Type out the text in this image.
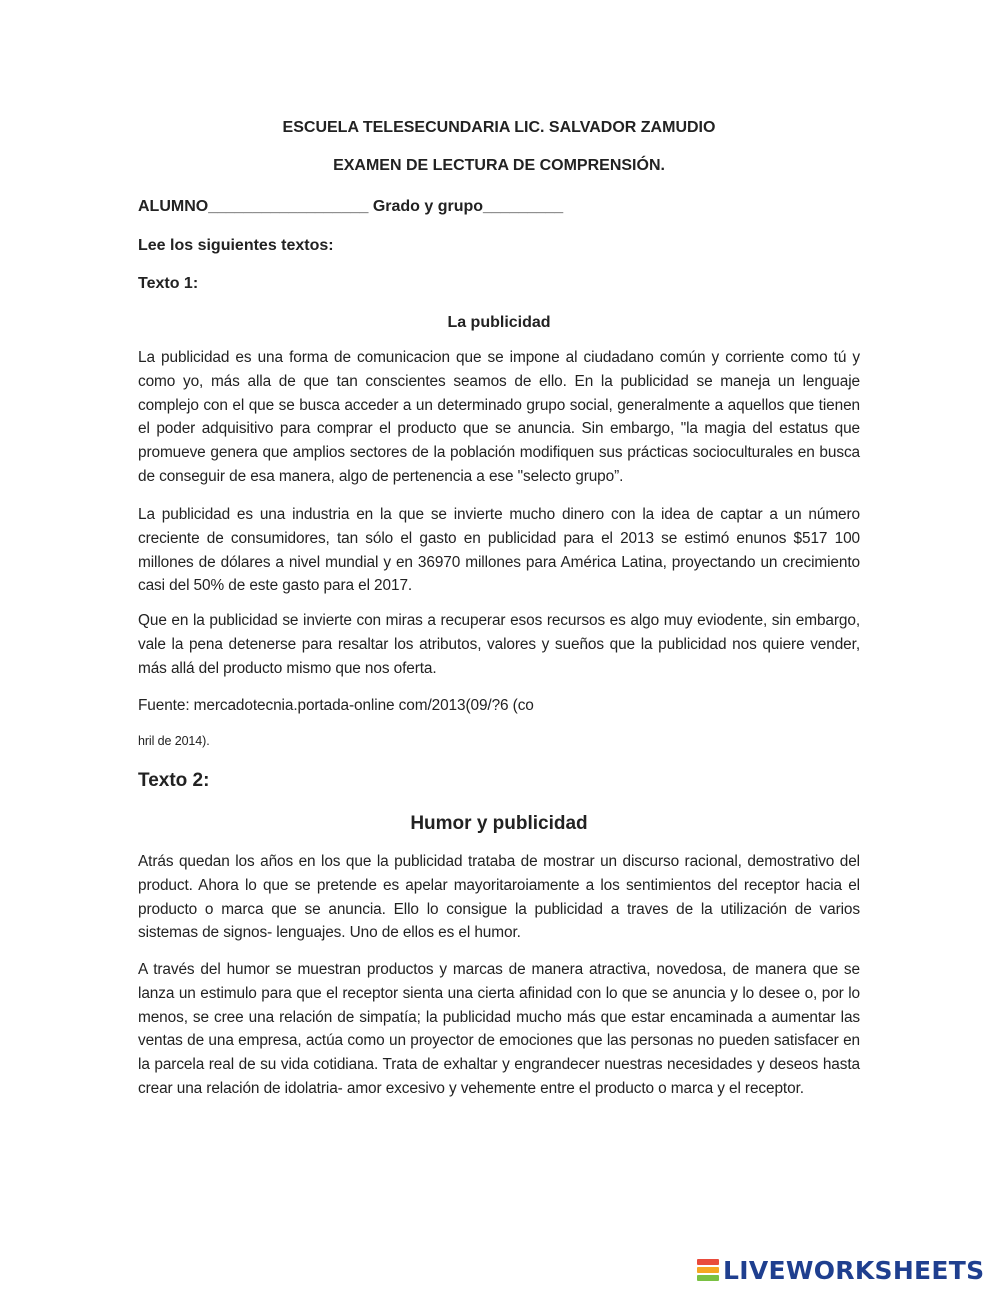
ESCUELA TELESECUNDARIA LIC. SALVADOR ZAMUDIO
EXAMEN DE LECTURA DE COMPRENSIÓN.
ALUMNO__________________ Grado y grupo_________
Lee los siguientes textos:
Texto 1:
La publicidad
La publicidad es una forma de comunicacion que se impone al ciudadano común y corriente como tú y como yo, más alla de que tan conscientes seamos de ello. En la publicidad se maneja un lenguaje complejo con el que se busca acceder a un determinado grupo social, generalmente a aquellos que tienen el poder adquisitivo para comprar el producto que se anuncia. Sin embargo, "la magia del estatus que promueve genera que amplios sectores de la población modifiquen sus prácticas socioculturales en busca de conseguir de esa manera, algo de pertenencia a ese "selecto grupo”.
La publicidad es una industria en la que se invierte mucho dinero con la idea de captar a un número creciente de consumidores, tan sólo el gasto en publicidad para el 2013 se estimó enunos $517 100 millones de dólares a nivel mundial y en 36970 millones para América Latina, proyectando un crecimiento casi del 50% de este gasto para el 2017.
Que en la publicidad se invierte con miras a recuperar esos recursos es algo muy eviodente, sin embargo, vale la pena detenerse para resaltar los atributos, valores y sueños que la publicidad nos quiere vender, más allá del producto mismo que nos oferta.
Fuente: mercadotecnia.portada-online com/2013(09/?6 (co
hril de 2014).
Texto 2:
Humor y publicidad
Atrás quedan los años en los que la publicidad trataba de mostrar un discurso racional, demostrativo del product. Ahora lo que se pretende es apelar mayoritaroiamente a los sentimientos del receptor hacia el producto o marca que se anuncia. Ello lo consigue la publicidad a traves de la utilización de varios sistemas de signos- lenguajes. Uno de ellos es el humor.
A través del humor se muestran productos y marcas de manera atractiva, novedosa, de manera que se lanza un estimulo para que el receptor sienta una cierta afinidad con lo que se anuncia y lo desee o, por lo menos, se cree una relación de simpatía; la publicidad mucho más que estar encaminada a aumentar las ventas de una empresa, actúa como un proyector de emociones que las personas no pueden satisfacer en la parcela real de su vida cotidiana. Trata de exhaltar y engrandecer nuestras necesidades y deseos hasta crear una relación de idolatria- amor excesivo y vehemente entre el producto o marca y el receptor.
LIVEWORKSHEETS
